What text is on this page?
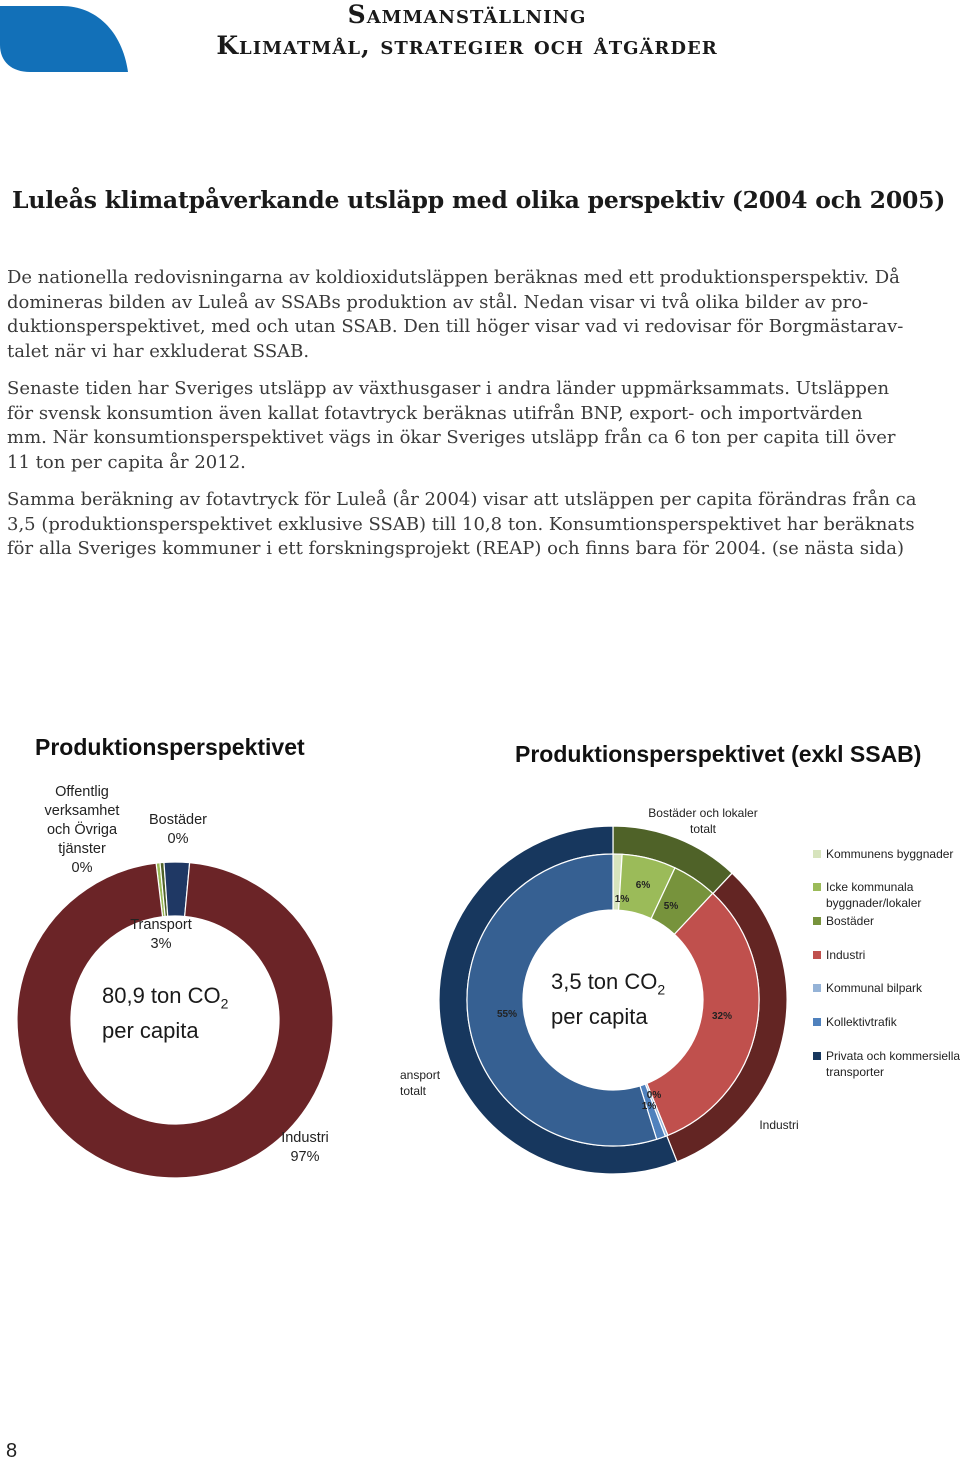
Sammanställning
Klimatmål, strategier och åtgärder
Luleås klimatpåverkande utsläpp med olika perspektiv (2004 och 2005)

De nationella redovisningarna av koldioxidutsläppen beräknas med ett produktionsperspektiv. Då
domineras bilden av Luleå av SSABs produktion av stål. Nedan visar vi två olika bilder av pro-
duktionsperspektivet, med och utan SSAB. Den till höger visar vad vi redovisar för Borgmästarav-
talet när vi har exkluderat SSAB.

Senaste tiden har Sveriges utsläpp av växthusgaser i andra länder uppmärksammats. Utsläppen
för svensk konsumtion även kallat fotavtryck beräknas utifrån BNP, export- och importvärden
mm. När konsumtionsperspektivet vägs in ökar Sveriges utsläpp från ca 6 ton per capita till över
11 ton per capita år 2012.

Samma beräkning av fotavtryck för Luleå (år 2004) visar att utsläppen per capita förändras från ca
3,5 (produktionsperspektivet exklusive SSAB) till 10,8 ton. Konsumtionsperspektivet har beräknats
för alla Sveriges kommuner i ett forskningsprojekt (REAP) och finns bara för 2004. (se nästa sida)

Produktionsperspektivet	Produktionsperspektivet (exkl SSAB)
Offentlig
verksamhet
och Övriga
tjänster
0%
Bostäder
0%
Transport
3%
Industri
97%
80,9 ton $CO_2$
per capita
Bostäder och lokaler
totalt
Industri
ansport
totalt
1%
6%
5%
32%
0%
1%
55%
3,5 ton $CO_2$
per capita
Kommunens byggnader
Icke kommunala
byggnader/lokaler
Bostäder
Industri
Kommunal bilpark
Kollektivtrafik
Privata och kommersiella
transporter
8
